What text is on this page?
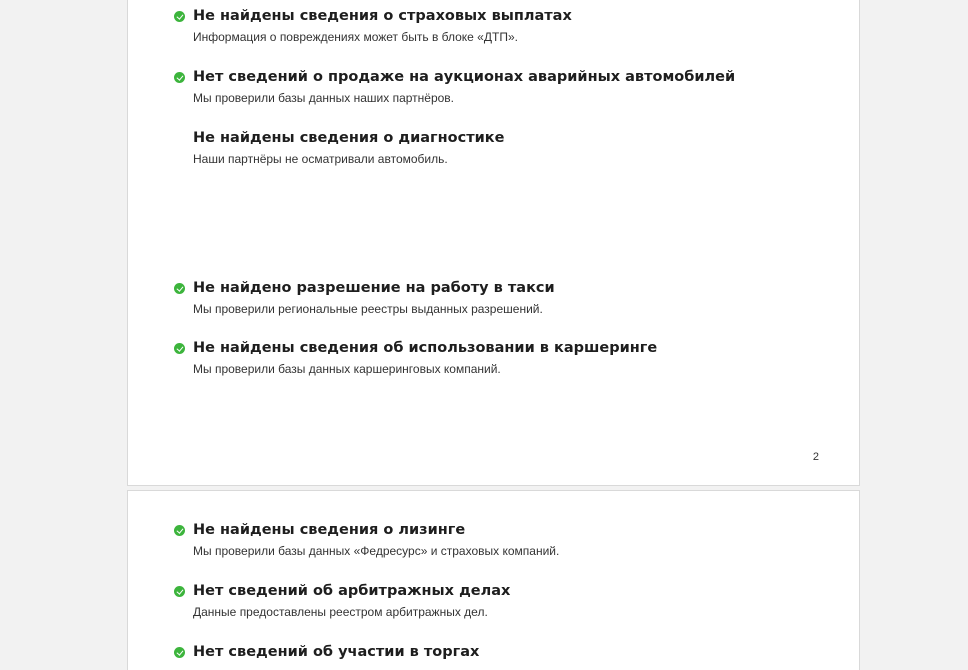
Не найдены сведения о страховых выплатах
Информация о повреждениях может быть в блоке «ДТП».
Нет сведений о продаже на аукционах аварийных автомобилей
Мы проверили базы данных наших партнёров.
Не найдены сведения о диагностике
Наши партнёры не осматривали автомобиль.
Не найдено разрешение на работу в такси
Мы проверили региональные реестры выданных разрешений.
Не найдены сведения об использовании в каршеринге
Мы проверили базы данных каршеринговых компаний.
2
Не найдены сведения о лизинге
Мы проверили базы данных «Федресурс» и страховых компаний.
Нет сведений об арбитражных делах
Данные предоставлены реестром арбитражных дел.
Нет сведений об участии в торгах
